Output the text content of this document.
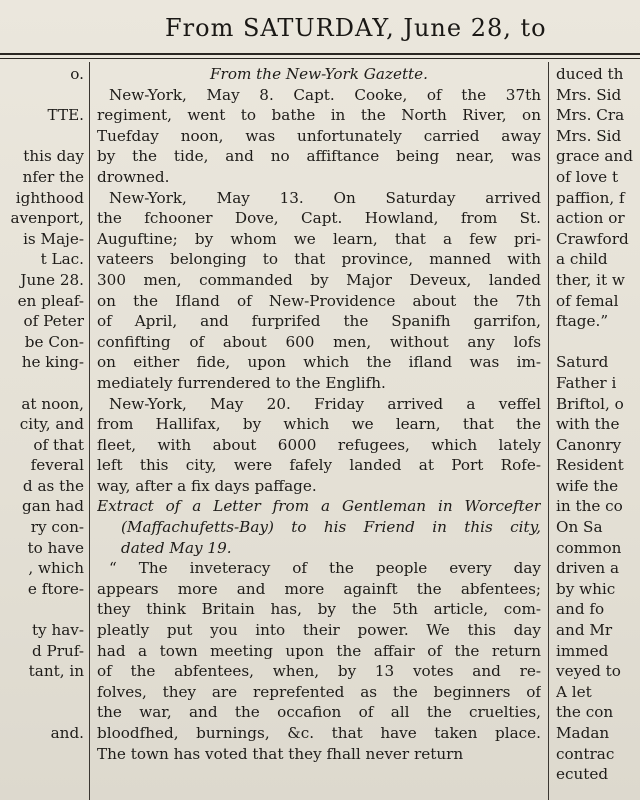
From SATURDAY, June 28, to
o.

TTE.

this day
nfer the
ighthood
avenport,
is Maje-
t Lac.
June 28.
en pleaf-
of Peter
be Con-
he king-

at noon,
city, and
of that
feveral
d as the
gan had
ry con-
to have
, which
e ftore-

ty hav-
d Pruf-
tant, in

and.
From the New-York Gazette.
New-York, May 8. Capt. Cooke, of the 37th
regiment, went to bathe in the North River, on
Tuefday noon, was unfortunately carried away
by the tide, and no affiftance being near, was
drowned.
New-York, May 13. On Saturday arrived
the fchooner Dove, Capt. Howland, from St.
Auguftine; by whom we learn, that a few pri-
vateers belonging to that province, manned with
300 men, commanded by Major Deveux, landed
on the Ifland of New-Providence about the 7th
of April, and furprifed the Spanifh garrifon,
confifting of about 600 men, without any lofs
on either fide, upon which the ifland was im-
mediately furrendered to the Englifh.
New-York, May 20. Friday arrived a veffel
from Hallifax, by which we learn, that the
fleet, with about 6000 refugees, which lately
left this city, were fafely landed at Port Rofe-
way, after a fix days paffage.
Extract of a Letter from a Gentleman in Worcefter
(Maffachufetts-Bay) to his Friend in this city,
dated May 19.
“ The inveteracy of the people every day
appears more and more againft the abfentees;
they think Britain has, by the 5th article, com-
pleatly put you into their power. We this day
had a town meeting upon the affair of the return
of the abfentees, when, by 13 votes and re-
folves, they are reprefented as the beginners of
the war, and the occafion of all the cruelties,
bloodfhed, burnings, &c. that have taken place.
The town has voted that they fhall never return
duced th
Mrs. Sid
Mrs. Cra
Mrs. Sid
grace and
of love t
paffion, f
action or
Crawford
a child
ther, it w
of femal
ftage.”

Saturd
Father i
Briftol, o
with the
Canonry
Resident
wife the
in the co
On Sa
common
driven a
by whic
and fo
and Mr
immed
veyed to
A let
the con
Madan
contrac
ecuted
